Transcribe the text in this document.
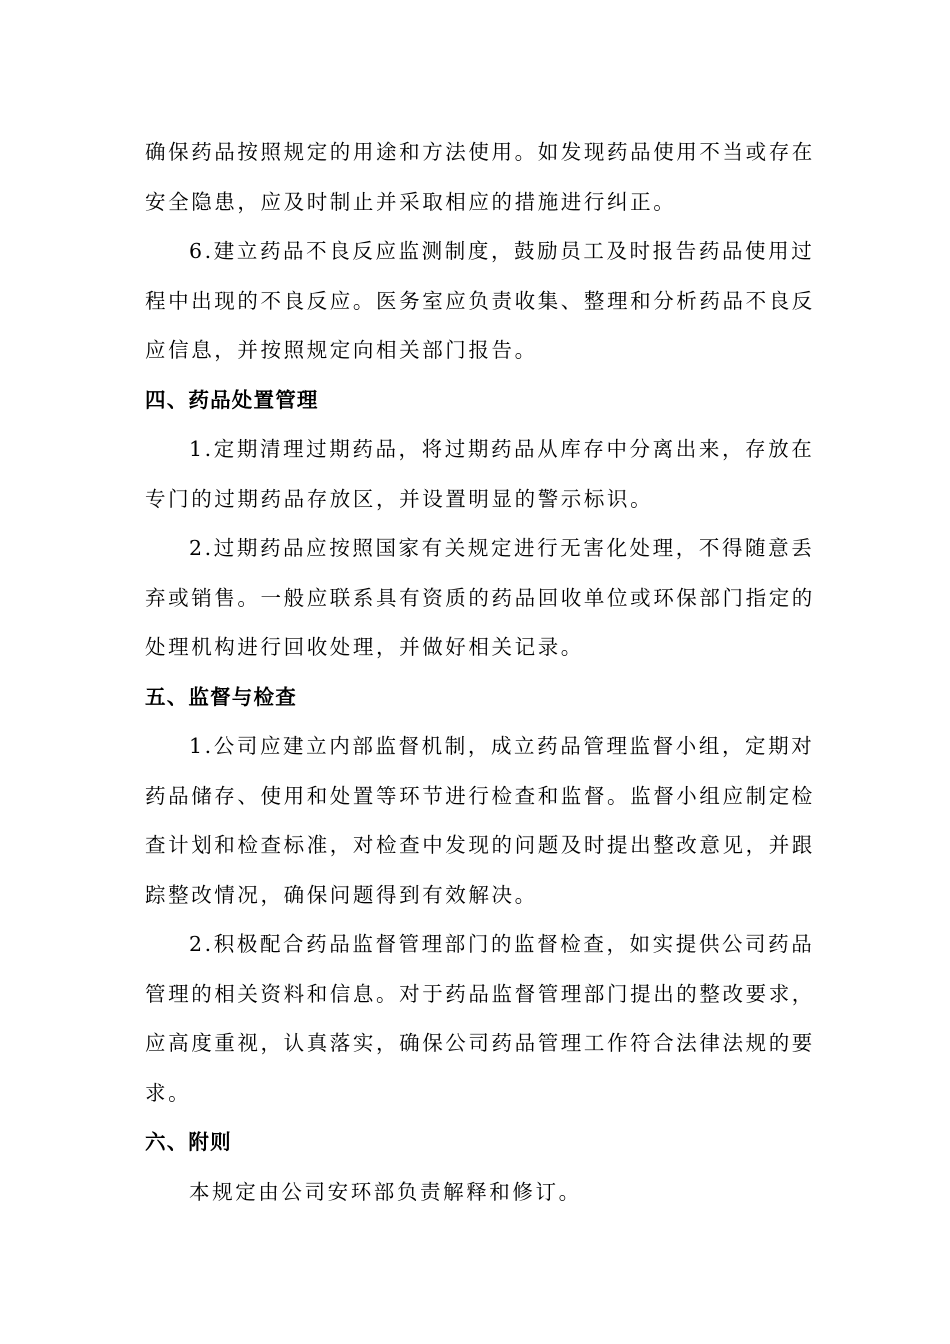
确保药品按照规定的用途和方法使用。如发现药品使用不当或存在
安全隐患，应及时制止并采取相应的措施进行纠正。
6.建立药品不良反应监测制度，鼓励员工及时报告药品使用过
程中出现的不良反应。医务室应负责收集、整理和分析药品不良反
应信息，并按照规定向相关部门报告。
四、药品处置管理
1.定期清理过期药品，将过期药品从库存中分离出来，存放在
专门的过期药品存放区，并设置明显的警示标识。
2.过期药品应按照国家有关规定进行无害化处理，不得随意丢
弃或销售。一般应联系具有资质的药品回收单位或环保部门指定的
处理机构进行回收处理，并做好相关记录。
五、监督与检查
1.公司应建立内部监督机制，成立药品管理监督小组，定期对
药品储存、使用和处置等环节进行检查和监督。监督小组应制定检
查计划和检查标准，对检查中发现的问题及时提出整改意见，并跟
踪整改情况，确保问题得到有效解决。
2.积极配合药品监督管理部门的监督检查，如实提供公司药品
管理的相关资料和信息。对于药品监督管理部门提出的整改要求，
应高度重视，认真落实，确保公司药品管理工作符合法律法规的要
求。
六、附则
本规定由公司安环部负责解释和修订。
